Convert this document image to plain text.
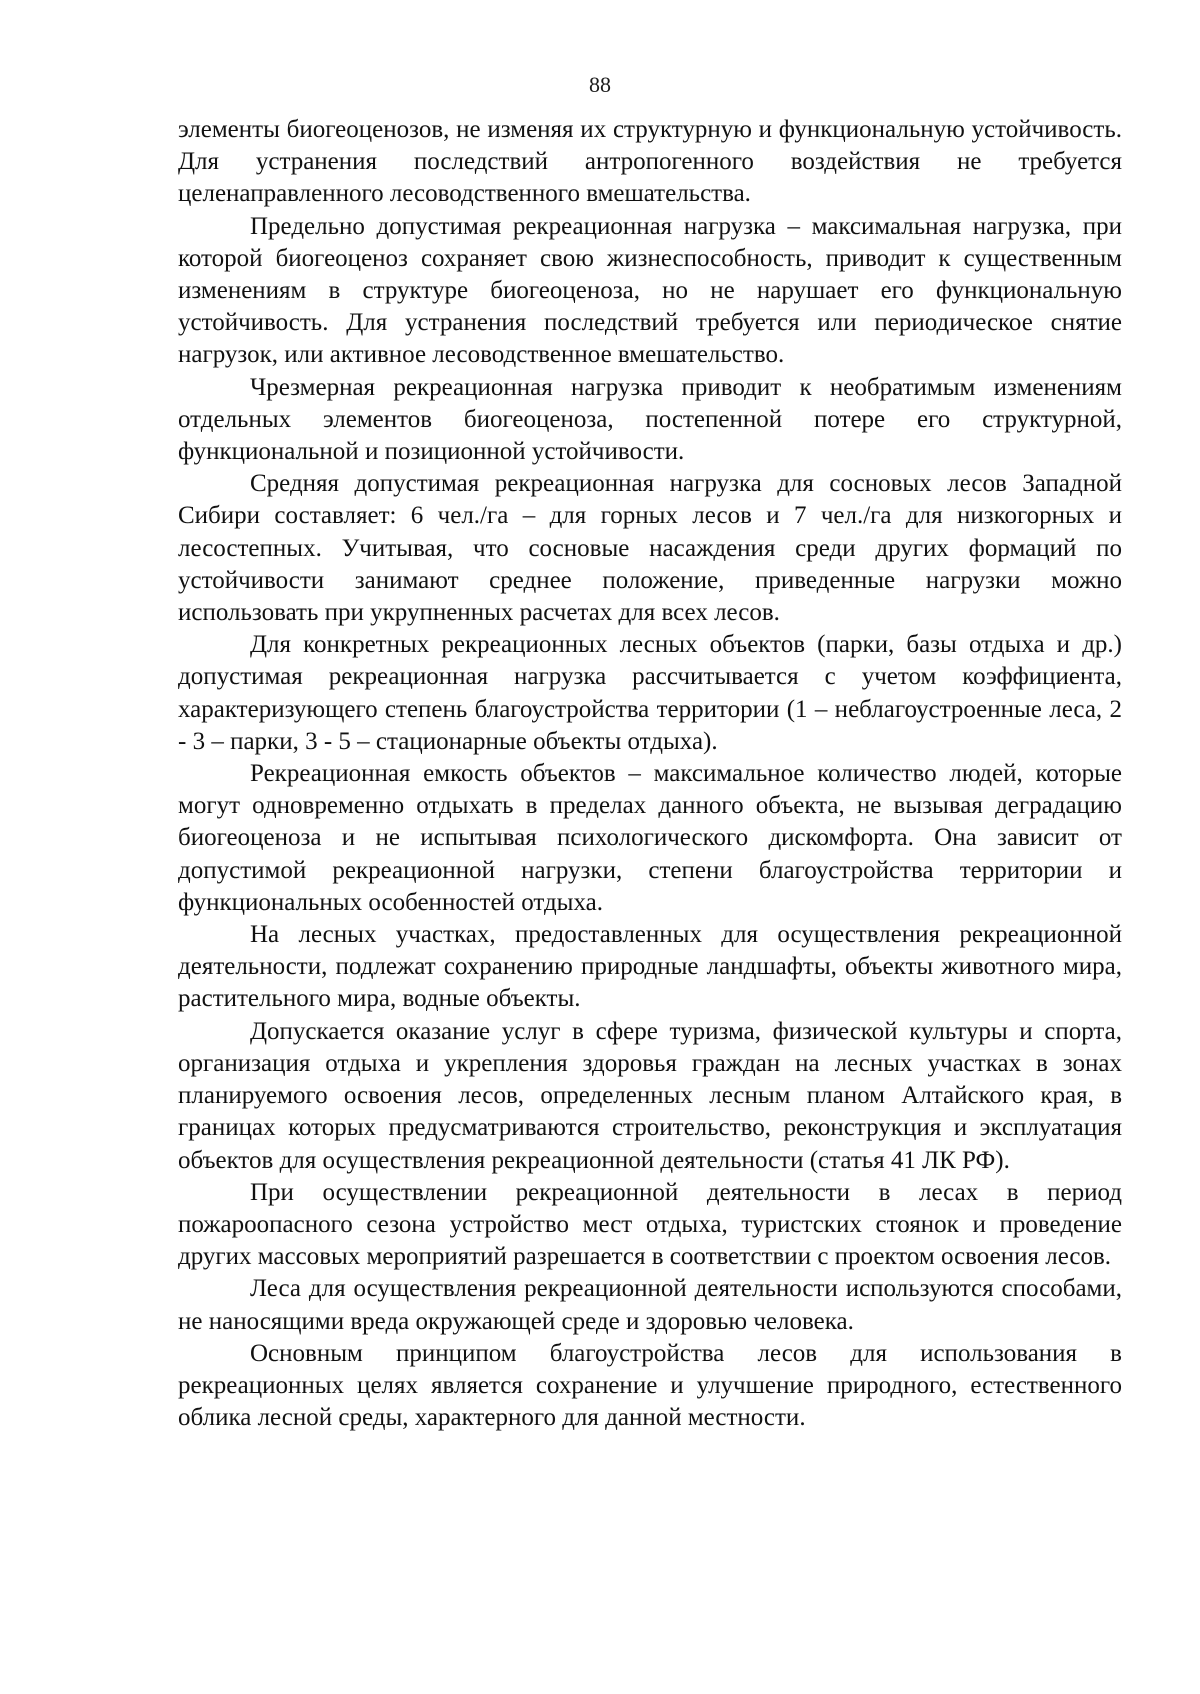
88

элементы биогеоценозов, не изменяя их структурную и функциональную устойчивость. Для устранения последствий антропогенного воздействия не требуется целенаправленного лесоводственного вмешательства.

Предельно допустимая рекреационная нагрузка – максимальная нагрузка, при которой биогеоценоз сохраняет свою жизнеспособность, приводит к существенным изменениям в структуре биогеоценоза, но не нарушает его функциональную устойчивость. Для устранения последствий требуется или периодическое снятие нагрузок, или активное лесоводственное вмешательство.

Чрезмерная рекреационная нагрузка приводит к необратимым изменениям отдельных элементов биогеоценоза, постепенной потере его структурной, функциональной и позиционной устойчивости.

Средняя допустимая рекреационная нагрузка для сосновых лесов Западной Сибири составляет: 6 чел./га – для горных лесов и 7 чел./га для низкогорных и лесостепных. Учитывая, что сосновые насаждения среди других формаций по устойчивости занимают среднее положение, приведенные нагрузки можно использовать при укрупненных расчетах для всех лесов.

Для конкретных рекреационных лесных объектов (парки, базы отдыха и др.) допустимая рекреационная нагрузка рассчитывается с учетом коэффициента, характеризующего степень благоустройства территории (1 – неблагоустроенные леса, 2 - 3 – парки, 3 - 5 – стационарные объекты отдыха).

Рекреационная емкость объектов – максимальное количество людей, которые могут одновременно отдыхать в пределах данного объекта, не вызывая деградацию биогеоценоза и не испытывая психологического дискомфорта. Она зависит от допустимой рекреационной нагрузки, степени благоустройства территории и функциональных особенностей отдыха.

На лесных участках, предоставленных для осуществления рекреационной деятельности, подлежат сохранению природные ландшафты, объекты животного мира, растительного мира, водные объекты.

Допускается оказание услуг в сфере туризма, физической культуры и спорта, организация отдыха и укрепления здоровья граждан на лесных участках в зонах планируемого освоения лесов, определенных лесным планом Алтайского края, в границах которых предусматриваются строительство, реконструкция и эксплуатация объектов для осуществления рекреационной деятельности (статья 41 ЛК РФ).

При осуществлении рекреационной деятельности в лесах в период пожароопасного сезона устройство мест отдыха, туристских стоянок и проведение других массовых мероприятий разрешается в соответствии с проектом освоения лесов.

Леса для осуществления рекреационной деятельности используются способами, не наносящими вреда окружающей среде и здоровью человека.

Основным принципом благоустройства лесов для использования в рекреационных целях является сохранение и улучшение природного, естественного облика лесной среды, характерного для данной местности.
